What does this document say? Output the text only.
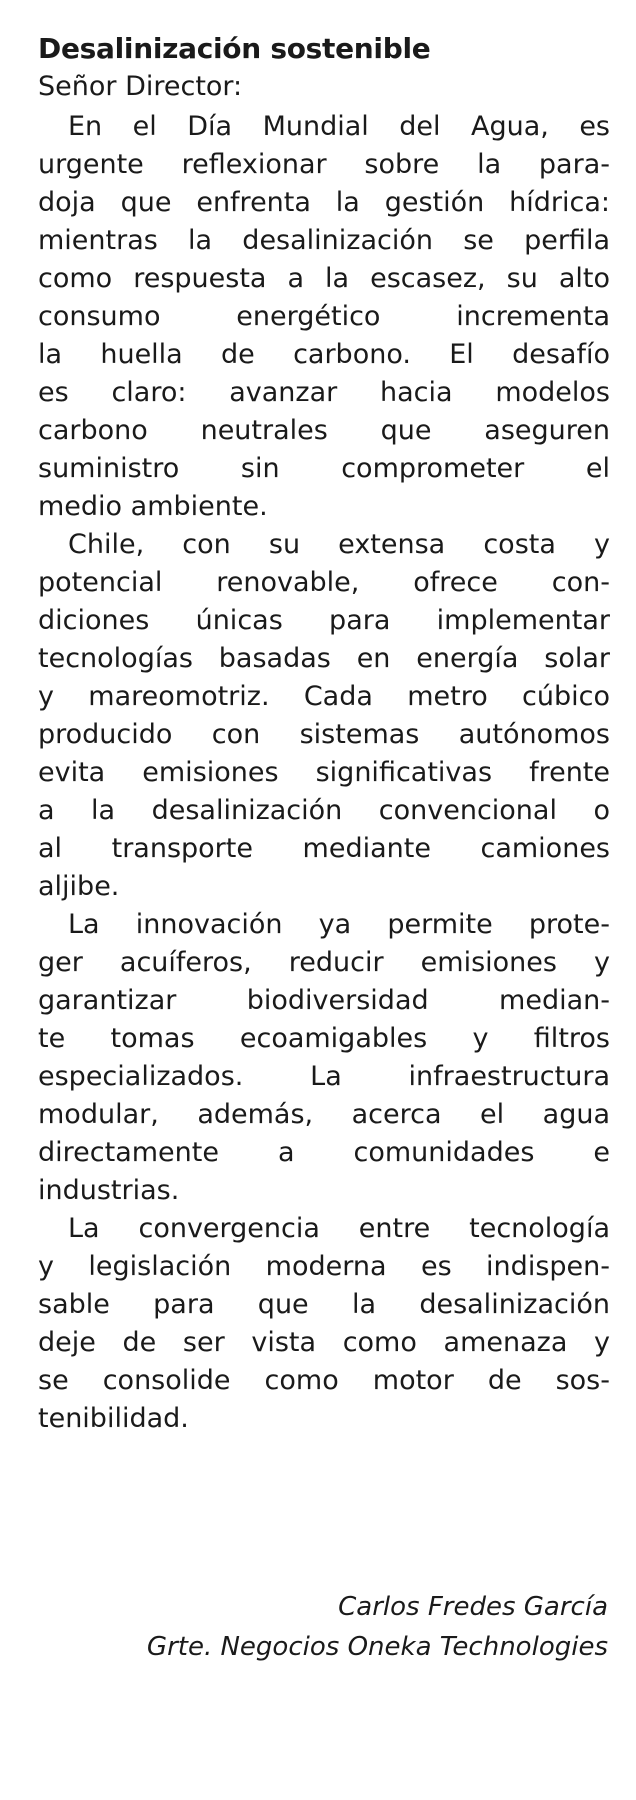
Desalinización sostenible
Señor Director:
En el Día Mundial del Agua, es
urgente reflexionar sobre la para-
doja que enfrenta la gestión hídrica:
mientras la desalinización se perfila
como respuesta a la escasez, su alto
consumo energético incrementa
la huella de carbono. El desafío
es claro: avanzar hacia modelos
carbono neutrales que aseguren
suministro sin comprometer el
medio ambiente.
Chile, con su extensa costa y
potencial renovable, ofrece con-
diciones únicas para implementar
tecnologías basadas en energía solar
y mareomotriz. Cada metro cúbico
producido con sistemas autónomos
evita emisiones significativas frente
a la desalinización convencional o
al transporte mediante camiones
aljibe.
La innovación ya permite prote-
ger acuíferos, reducir emisiones y
garantizar biodiversidad median-
te tomas ecoamigables y filtros
especializados. La infraestructura
modular, además, acerca el agua
directamente a comunidades e
industrias.
La convergencia entre tecnología
y legislación moderna es indispen-
sable para que la desalinización
deje de ser vista como amenaza y
se consolide como motor de sos-
tenibilidad.
Carlos Fredes García
Grte. Negocios Oneka Technologies
